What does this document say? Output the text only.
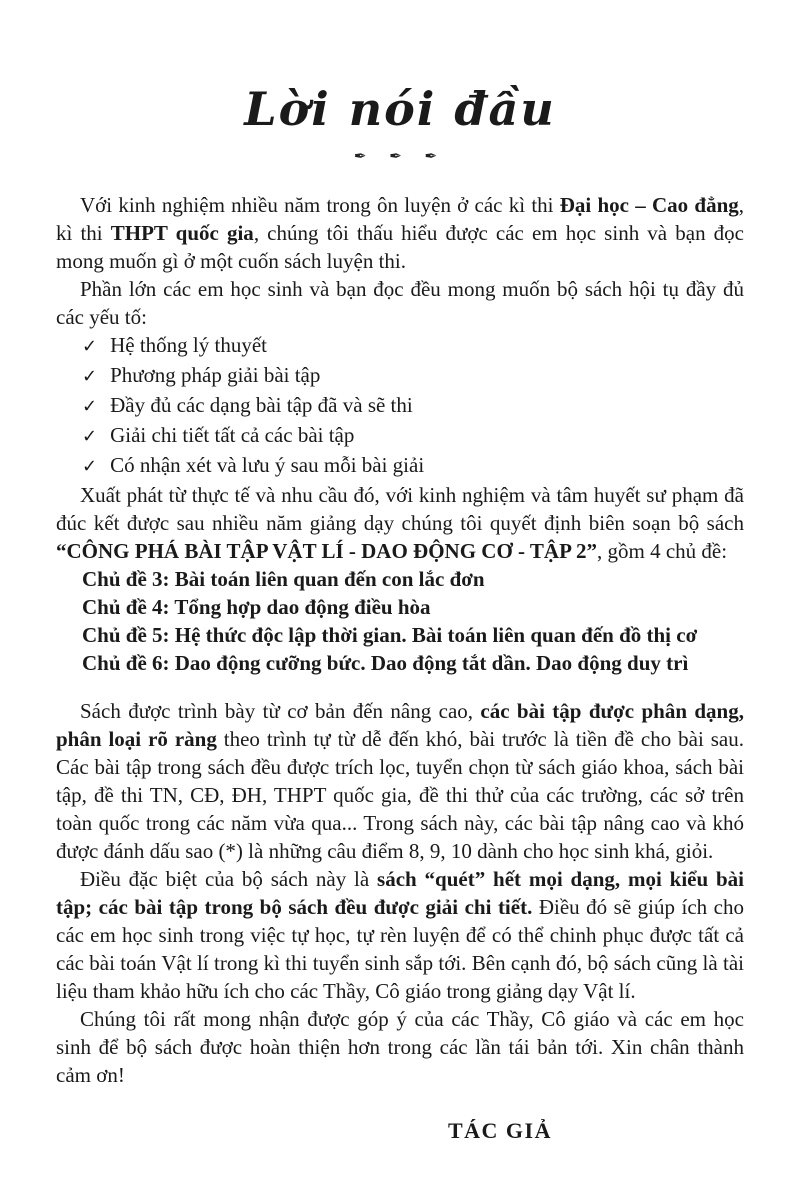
Lời nói đầu
✒ ✒ ✒

Với kinh nghiệm nhiều năm trong ôn luyện ở các kì thi Đại học – Cao đẳng, kì thi THPT quốc gia, chúng tôi thấu hiểu được các em học sinh và bạn đọc mong muốn gì ở một cuốn sách luyện thi.

Phần lớn các em học sinh và bạn đọc đều mong muốn bộ sách hội tụ đầy đủ các yếu tố:

✓ Hệ thống lý thuyết
✓ Phương pháp giải bài tập
✓ Đầy đủ các dạng bài tập đã và sẽ thi
✓ Giải chi tiết tất cả các bài tập
✓ Có nhận xét và lưu ý sau mỗi bài giải

Xuất phát từ thực tế và nhu cầu đó, với kinh nghiệm và tâm huyết sư phạm đã đúc kết được sau nhiều năm giảng dạy chúng tôi quyết định biên soạn bộ sách “CÔNG PHÁ BÀI TẬP VẬT LÍ - DAO ĐỘNG CƠ - TẬP 2”, gồm 4 chủ đề:

Chủ đề 3: Bài toán liên quan đến con lắc đơn
Chủ đề 4: Tổng hợp dao động điều hòa
Chủ đề 5: Hệ thức độc lập thời gian. Bài toán liên quan đến đồ thị cơ
Chủ đề 6: Dao động cưỡng bức. Dao động tắt dần. Dao động duy trì

Sách được trình bày từ cơ bản đến nâng cao, các bài tập được phân dạng, phân loại rõ ràng theo trình tự từ dễ đến khó, bài trước là tiền đề cho bài sau. Các bài tập trong sách đều được trích lọc, tuyển chọn từ sách giáo khoa, sách bài tập, đề thi TN, CĐ, ĐH, THPT quốc gia, đề thi thử của các trường, các sở trên toàn quốc trong các năm vừa qua... Trong sách này, các bài tập nâng cao và khó được đánh dấu sao (*) là những câu điểm 8, 9, 10 dành cho học sinh khá, giỏi.

Điều đặc biệt của bộ sách này là sách “quét” hết mọi dạng, mọi kiểu bài tập; các bài tập trong bộ sách đều được giải chi tiết. Điều đó sẽ giúp ích cho các em học sinh trong việc tự học, tự rèn luyện để có thể chinh phục được tất cả các bài toán Vật lí trong kì thi tuyển sinh sắp tới. Bên cạnh đó, bộ sách cũng là tài liệu tham khảo hữu ích cho các Thầy, Cô giáo trong giảng dạy Vật lí.

Chúng tôi rất mong nhận được góp ý của các Thầy, Cô giáo và các em học sinh để bộ sách được hoàn thiện hơn trong các lần tái bản tới. Xin chân thành cảm ơn!

TÁC GIẢ
